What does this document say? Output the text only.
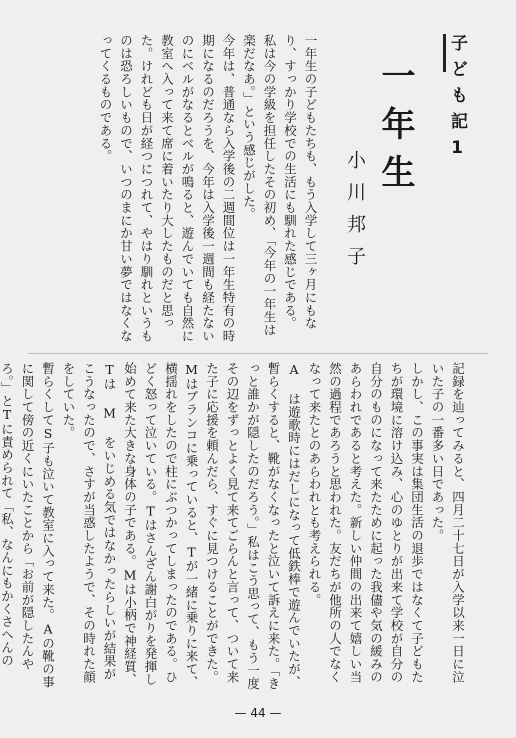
子ども記1
一年生
小川邦子
一年生の子どもたちも、もう入学して三ヶ月にもなり、すっかり学校での生活にも馴れた感じである。
私は今の学級を担任したその初め、「今年の一年生は楽だなあ。」という感じがした。
今年は、普通なら入学後の二週間位は一年生特有の時期になるのだろうを、今年は入学後一週間も経たないのにベルがなるとベルが鳴ると、遊んでいても自然に教室へ入って来て席に着いたり大したものだと思った。けれども日が経つにつれて、やはり馴れというものは恐ろしいもので、いつのまにか甘い夢ではなくなってくるものである。

記録を辿ってみると、四月二十七日が入学以来一日に泣いた子の一番多い日であった。
しかし、この事実は集団生活の退歩ではなくて子どもたちが環境に溶け込み、心のゆとりが出来て学校が自分の自分のものになって来たために起った我儘や気の緩みのあらわれであると考えた。新しい仲間の出来て嬉しい当然の過程であろうと思われた。友だちが他所の人でなくなって来たとのあらわれとも考えられる。
A は遊歌時にはだしになって低鉄棒で遊んでいたが、暫らくすると、靴がなくなったと泣いて訴えに来た。「きっと誰かが隠したのだろう。」私はこう思って、もう一度その辺をずっとよく見て来てごらんと言って、ついて来た子に応援を頼んだら、すぐに見つけることができた。
Mはブランコに乗っていると、Tが一緒に乗りに来て、横揺れをしたので柱にぶつかってしまったのである。ひどく怒って泣いている。Tはさんざん謝白がりを発揮し始めて来た大きな身体の子である。Mは小柄で神経質、Tは M をいじめる気ではなかったらしいが結果がこうなったので、さすが当惑したようで、その時れた顔をしていた。
暫らくしてS子も泣いて教室に入って来た。Aの靴の事に関して傍の近くにいたことから「お前が隠したんやろ。」とTに責められて「私、なんにもかくさへんの

— 44 —
